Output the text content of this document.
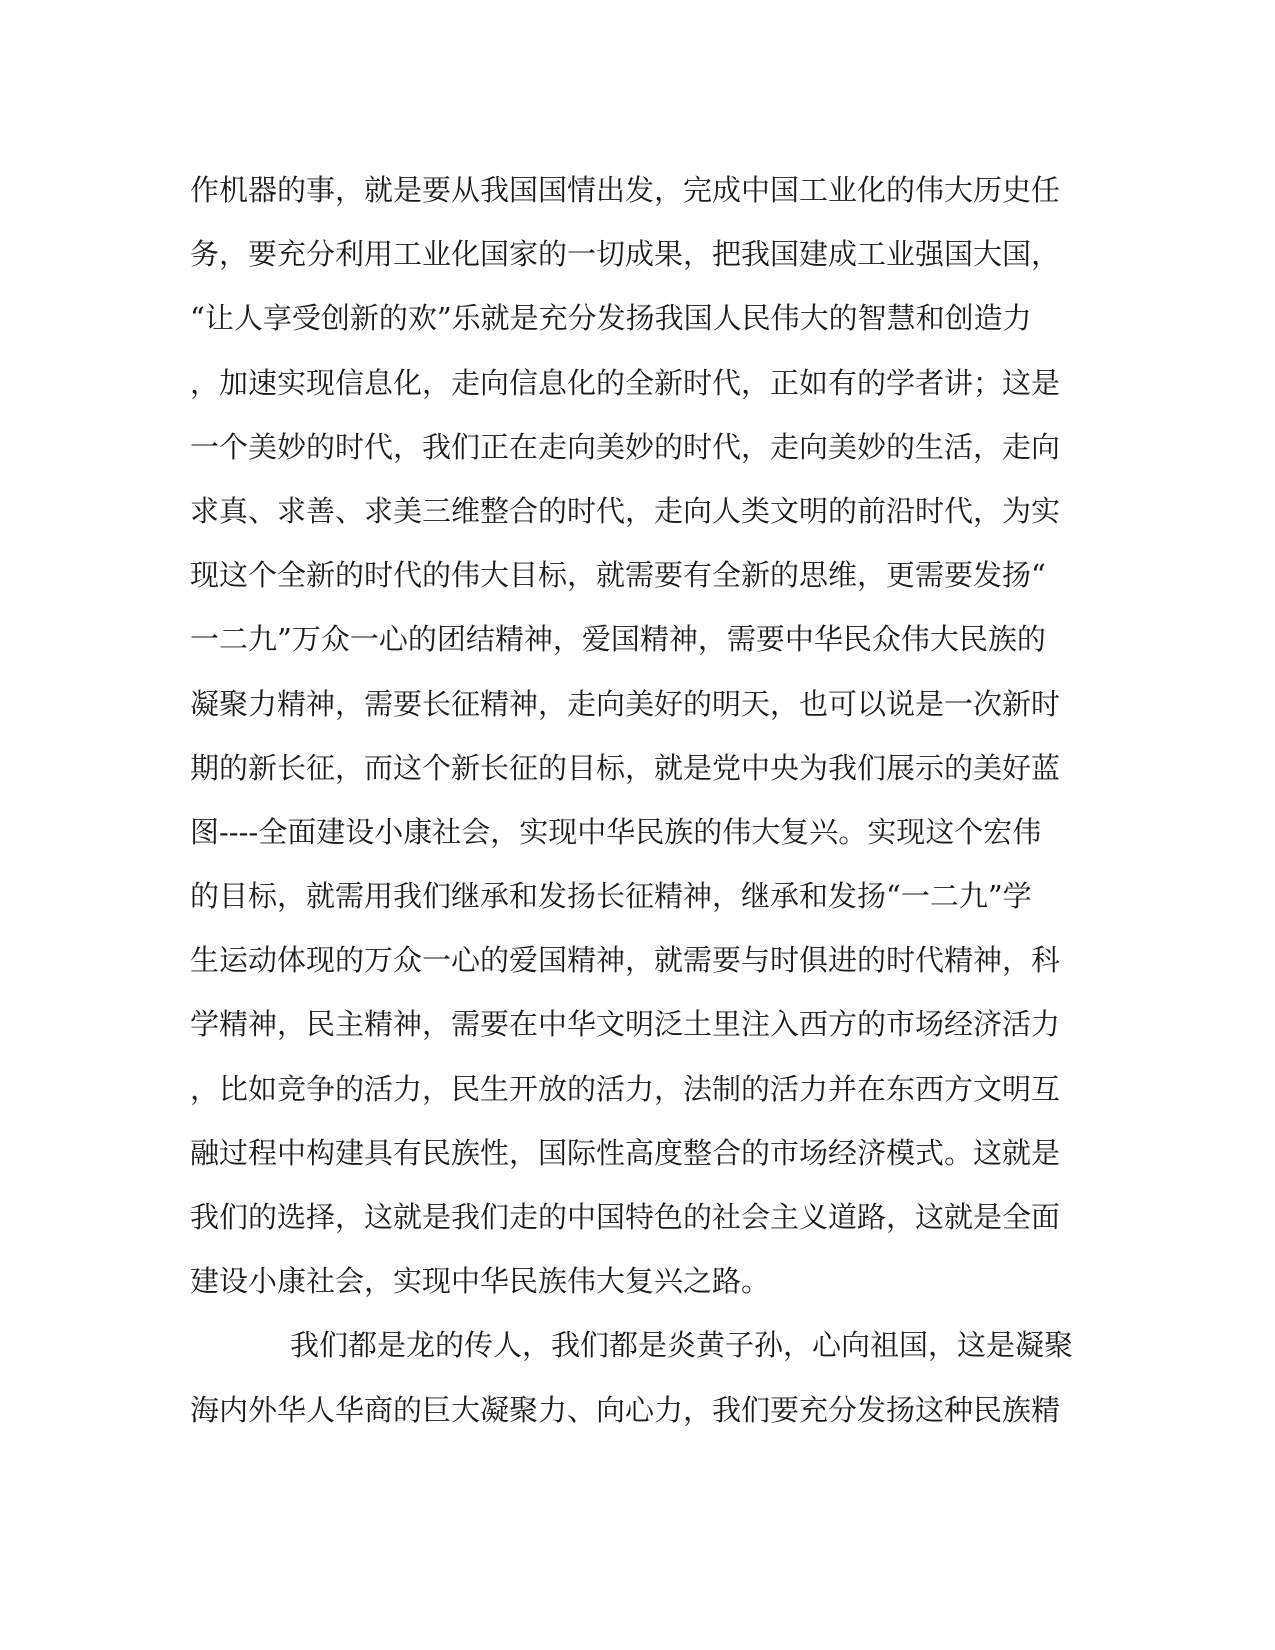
作机器的事，就是要从我国国情出发，完成中国工业化的伟大历史任
务，要充分利用工业化国家的一切成果，把我国建成工业强国大国，
“让人享受创新的欢”乐就是充分发扬我国人民伟大的智慧和创造力
，加速实现信息化，走向信息化的全新时代，正如有的学者讲；这是
一个美妙的时代，我们正在走向美妙的时代，走向美妙的生活，走向
求真、求善、求美三维整合的时代，走向人类文明的前沿时代，为实
现这个全新的时代的伟大目标，就需要有全新的思维，更需要发扬“
一二九”万众一心的团结精神，爱国精神，需要中华民众伟大民族的
凝聚力精神，需要长征精神，走向美好的明天，也可以说是一次新时
期的新长征，而这个新长征的目标，就是党中央为我们展示的美好蓝
图----全面建设小康社会，实现中华民族的伟大复兴。实现这个宏伟
的目标，就需用我们继承和发扬长征精神，继承和发扬“一二九”学
生运动体现的万众一心的爱国精神，就需要与时俱进的时代精神，科
学精神，民主精神，需要在中华文明泛土里注入西方的市场经济活力
，比如竞争的活力，民生开放的活力，法制的活力并在东西方文明互
融过程中构建具有民族性，国际性高度整合的市场经济模式。这就是
我们的选择，这就是我们走的中国特色的社会主义道路，这就是全面
建设小康社会，实现中华民族伟大复兴之路。
我们都是龙的传人，我们都是炎黄子孙，心向祖国，这是凝聚
海内外华人华商的巨大凝聚力、向心力，我们要充分发扬这种民族精
